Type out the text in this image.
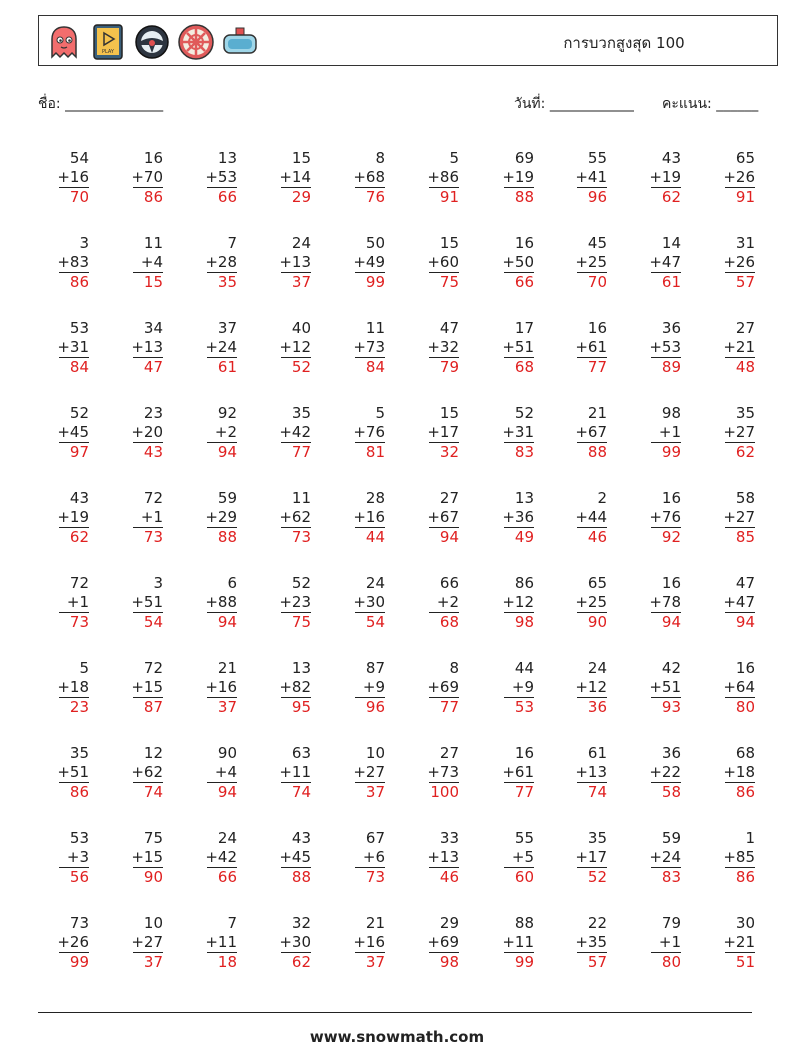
PLAY	การบวกสูงสุด 100
ชื่อ: ______________	วันที่: ____________ คะแนน: ______
54
+16
70
16
+70
86
13
+53
66
15
+14
29
8
+68
76
5
+86
91
69
+19
88
55
+41
96
43
+19
62
65
+26
91
3
+83
86
11
+4
15
7
+28
35
24
+13
37
50
+49
99
15
+60
75
16
+50
66
45
+25
70
14
+47
61
31
+26
57
53
+31
84
34
+13
47
37
+24
61
40
+12
52
11
+73
84
47
+32
79
17
+51
68
16
+61
77
36
+53
89
27
+21
48
52
+45
97
23
+20
43
92
+2
94
35
+42
77
5
+76
81
15
+17
32
52
+31
83
21
+67
88
98
+1
99
35
+27
62
43
+19
62
72
+1
73
59
+29
88
11
+62
73
28
+16
44
27
+67
94
13
+36
49
2
+44
46
16
+76
92
58
+27
85
72
+1
73
3
+51
54
6
+88
94
52
+23
75
24
+30
54
66
+2
68
86
+12
98
65
+25
90
16
+78
94
47
+47
94
5
+18
23
72
+15
87
21
+16
37
13
+82
95
87
+9
96
8
+69
77
44
+9
53
24
+12
36
42
+51
93
16
+64
80
35
+51
86
12
+62
74
90
+4
94
63
+11
74
10
+27
37
27
+73
100
16
+61
77
61
+13
74
36
+22
58
68
+18
86
53
+3
56
75
+15
90
24
+42
66
43
+45
88
67
+6
73
33
+13
46
55
+5
60
35
+17
52
59
+24
83
1
+85
86
73
+26
99
10
+27
37
7
+11
18
32
+30
62
21
+16
37
29
+69
98
88
+11
99
22
+35
57
79
+1
80
30
+21
51
www.snowmath.com
